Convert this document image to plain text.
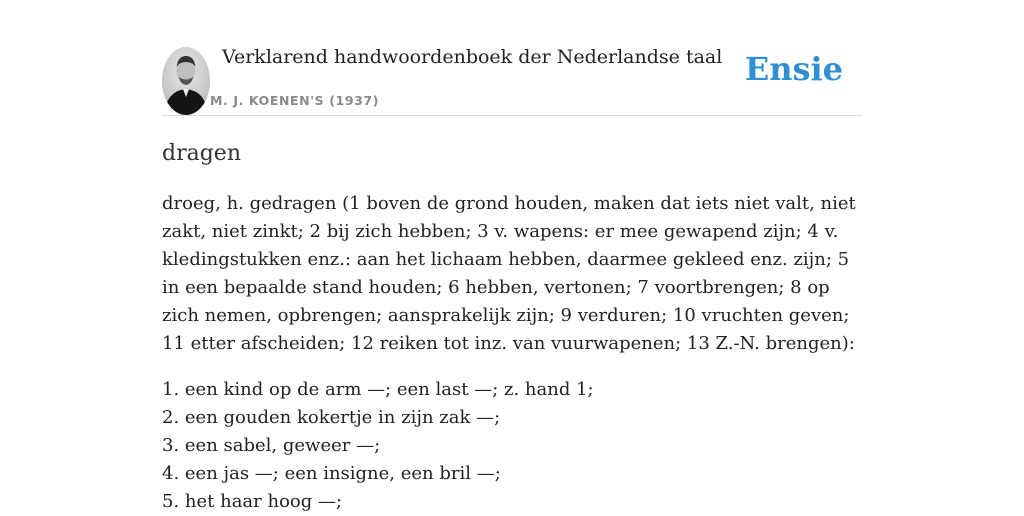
Verklarend handwoordenboek der Nederlandse taal
M. J. KOENEN'S (1937)
Ensie
dragen

droeg, h. gedragen (1 boven de grond houden, maken dat iets niet valt, niet zakt, niet zinkt; 2 bij zich hebben; 3 v. wapens: er mee gewapend zijn; 4 v. kledingstukken enz.: aan het lichaam hebben, daarmee gekleed enz. zijn; 5 in een bepaalde stand houden; 6 hebben, vertonen; 7 voortbrengen; 8 op zich nemen, opbrengen; aansprakelijk zijn; 9 verduren; 10 vruchten geven; 11 etter afscheiden; 12 reiken tot inz. van vuurwapenen; 13 Z.-N. brengen):

1. een kind op de arm —; een last —; z. hand 1;
2. een gouden kokertje in zijn zak —;
3. een sabel, geweer —;
4. een jas —; een insigne, een bril —;
5. het haar hoog —;
